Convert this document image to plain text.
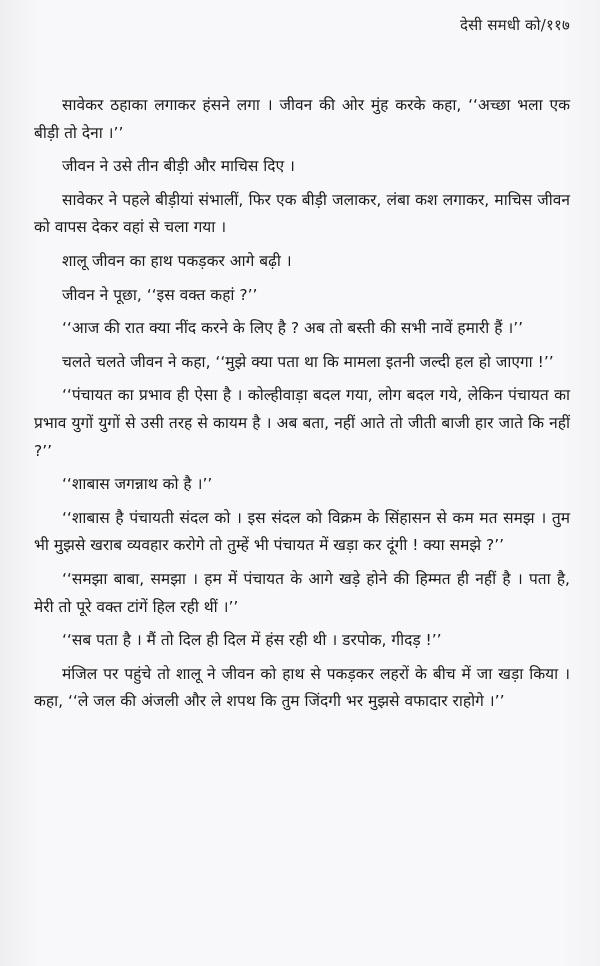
देसी समधी को/११७

सावेकर ठहाका लगाकर हंसने लगा । जीवन की ओर मुंह करके कहा, ‘‘अच्छा भला एक बीड़ी तो देना ।’’

जीवन ने उसे तीन बीड़ी और माचिस दिए ।

सावेकर ने पहले बीड़ीयां संभालीं, फिर एक बीड़ी जलाकर, लंबा कश लगाकर, माचिस जीवन को वापस देकर वहां से चला गया ।

शालू जीवन का हाथ पकड़कर आगे बढ़ी ।

जीवन ने पूछा, ‘‘इस वक्त कहां ?’’

‘‘आज की रात क्या नींद करने के लिए है ? अब तो बस्ती की सभी नावें हमारी हैं ।’’

चलते चलते जीवन ने कहा, ‘‘मुझे क्या पता था कि मामला इतनी जल्दी हल हो जाएगा !’’

‘‘पंचायत का प्रभाव ही ऐसा है । कोल्हीवाड़ा बदल गया, लोग बदल गये, लेकिन पंचायत का प्रभाव युगों युगों से उसी तरह से कायम है । अब बता, नहीं आते तो जीती बाजी हार जाते कि नहीं ?’’

‘‘शाबास जगन्नाथ को है ।’’

‘‘शाबास है पंचायती संदल को । इस संदल को विक्रम के सिंहासन से कम मत समझ । तुम भी मुझसे खराब व्यवहार करोगे तो तुम्हें भी पंचायत में खड़ा कर दूंगी ! क्या समझे ?’’

‘‘समझा बाबा, समझा । हम में पंचायत के आगे खड़े होने की हिम्मत ही नहीं है । पता है, मेरी तो पूरे वक्त टांगें हिल रही थीं ।’’

‘‘सब पता है । मैं तो दिल ही दिल में हंस रही थी । डरपोक, गीदड़ !’’

मंजिल पर पहुंचे तो शालू ने जीवन को हाथ से पकड़कर लहरों के बीच में जा खड़ा किया । कहा, ‘‘ले जल की अंजली और ले शपथ कि तुम जिंदगी भर मुझसे वफादार राहोगे ।’’
